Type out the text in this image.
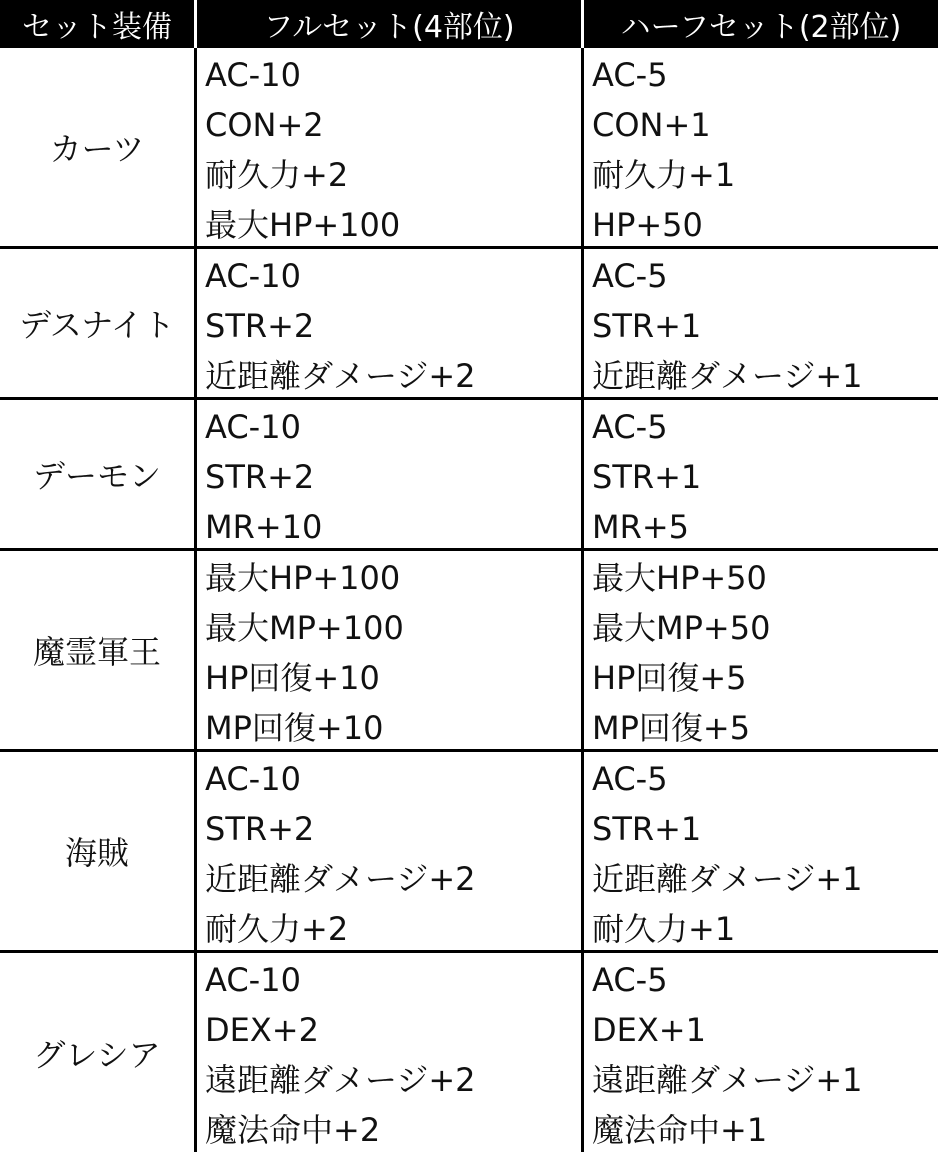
セット装備	フルセット(4部位)	ハーフセット(2部位)
カーツ
AC-10
CON+2
耐久力+2
最大HP+100
AC-5
CON+1
耐久力+1
HP+50
デスナイト
AC-10
STR+2
近距離ダメージ+2
AC-5
STR+1
近距離ダメージ+1
デーモン
AC-10
STR+2
MR+10
AC-5
STR+1
MR+5
魔霊軍王
最大HP+100
最大MP+100
HP回復+10
MP回復+10
最大HP+50
最大MP+50
HP回復+5
MP回復+5
海賊
AC-10
STR+2
近距離ダメージ+2
耐久力+2
AC-5
STR+1
近距離ダメージ+1
耐久力+1
グレシア
AC-10
DEX+2
遠距離ダメージ+2
魔法命中+2
AC-5
DEX+1
遠距離ダメージ+1
魔法命中+1
